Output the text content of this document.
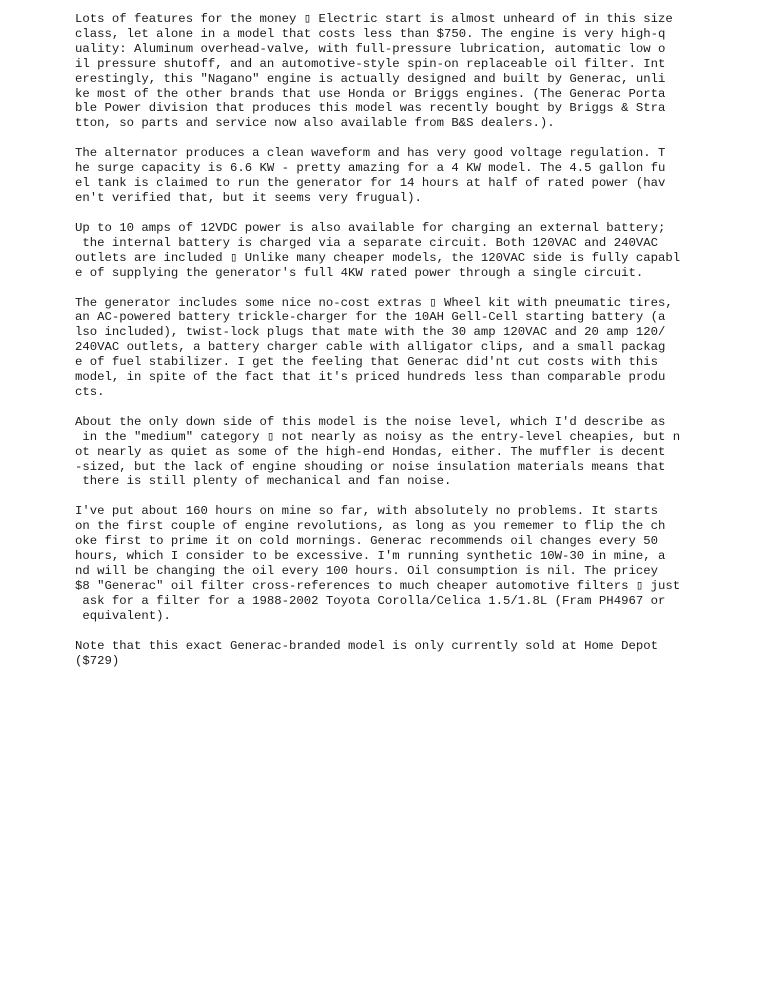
Lots of features for the money ▯ Electric start is almost unheard of in this size
class, let alone in a model that costs less than $750. The engine is very high-q
uality: Aluminum overhead-valve, with full-pressure lubrication, automatic low o
il pressure shutoff, and an automotive-style spin-on replaceable oil filter. Int
erestingly, this "Nagano" engine is actually designed and built by Generac, unli
ke most of the other brands that use Honda or Briggs engines. (The Generac Porta
ble Power division that produces this model was recently bought by Briggs & Stra
tton, so parts and service now also available from B&S dealers.).

The alternator produces a clean waveform and has very good voltage regulation. T
he surge capacity is 6.6 KW - pretty amazing for a 4 KW model. The 4.5 gallon fu
el tank is claimed to run the generator for 14 hours at half of rated power (hav
en't verified that, but it seems very frugual).

Up to 10 amps of 12VDC power is also available for charging an external battery;
the internal battery is charged via a separate circuit. Both 120VAC and 240VAC
outlets are included ▯ Unlike many cheaper models, the 120VAC side is fully capabl
e of supplying the generator's full 4KW rated power through a single circuit.

The generator includes some nice no-cost extras ▯ Wheel kit with pneumatic tires,
an AC-powered battery trickle-charger for the 10AH Gell-Cell starting battery (a
lso included), twist-lock plugs that mate with the 30 amp 120VAC and 20 amp 120/
240VAC outlets, a battery charger cable with alligator clips, and a small packag
e of fuel stabilizer. I get the feeling that Generac did'nt cut costs with this
model, in spite of the fact that it's priced hundreds less than comparable produ
cts.

About the only down side of this model is the noise level, which I'd describe as
in the "medium" category ▯ not nearly as noisy as the entry-level cheapies, but n
ot nearly as quiet as some of the high-end Hondas, either. The muffler is decent
-sized, but the lack of engine shouding or noise insulation materials means that
there is still plenty of mechanical and fan noise.

I've put about 160 hours on mine so far, with absolutely no problems. It starts
on the first couple of engine revolutions, as long as you rememer to flip the ch
oke first to prime it on cold mornings. Generac recommends oil changes every 50
hours, which I consider to be excessive. I'm running synthetic 10W-30 in mine, a
nd will be changing the oil every 100 hours. Oil consumption is nil. The pricey
$8 "Generac" oil filter cross-references to much cheaper automotive filters ▯ just
ask for a filter for a 1988-2002 Toyota Corolla/Celica 1.5/1.8L (Fram PH4967 or
equivalent).

Note that this exact Generac-branded model is only currently sold at Home Depot
($729)
